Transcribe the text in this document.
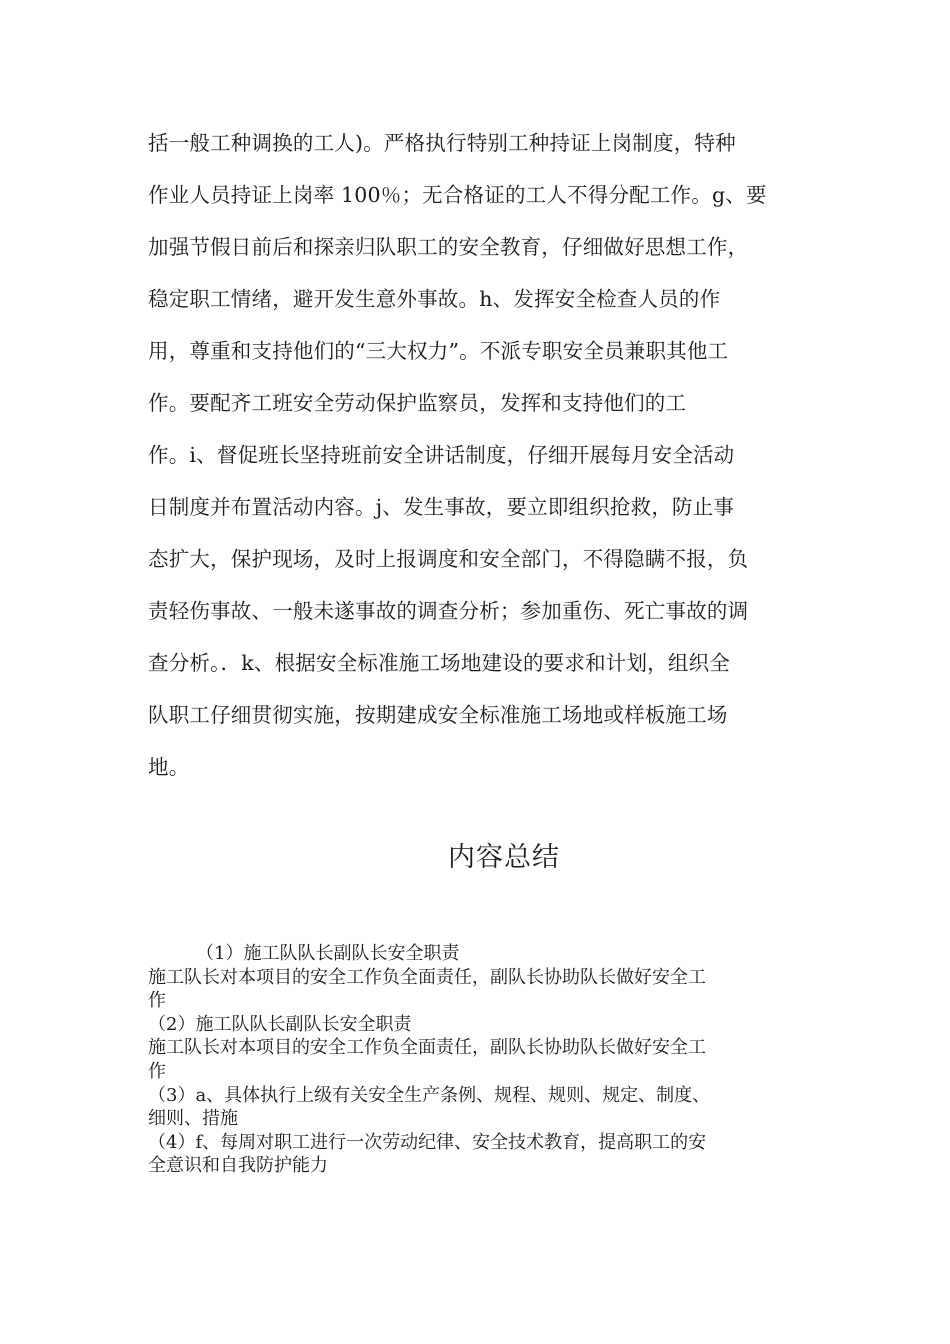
括一般工种调换的工人)。严格执行特别工种持证上岗制度，特种
作业人员持证上岗率 100％；无合格证的工人不得分配工作。g、要
加强节假日前后和探亲归队职工的安全教育，仔细做好思想工作，
稳定职工情绪，避开发生意外事故。h、发挥安全检查人员的作
用，尊重和支持他们的“三大权力”。不派专职安全员兼职其他工
作。要配齐工班安全劳动保护监察员，发挥和支持他们的工
作。i、督促班长坚持班前安全讲话制度，仔细开展每月安全活动
日制度并布置活动内容。j、发生事故，要立即组织抢救，防止事
态扩大，保护现场，及时上报调度和安全部门，不得隐瞒不报，负
责轻伤事故、一般未遂事故的调查分析；参加重伤、死亡事故的调
查分析。．k、根据安全标准施工场地建设的要求和计划，组织全
队职工仔细贯彻实施，按期建成安全标准施工场地或样板施工场
地。
内容总结
（1）施工队队长副队长安全职责
施工队长对本项目的安全工作负全面责任，副队长协助队长做好安全工
作
（2）施工队队长副队长安全职责
施工队长对本项目的安全工作负全面责任，副队长协助队长做好安全工
作
（3）a、具体执行上级有关安全生产条例、规程、规则、规定、制度、
细则、措施
（4）f、每周对职工进行一次劳动纪律、安全技术教育，提高职工的安
全意识和自我防护能力
